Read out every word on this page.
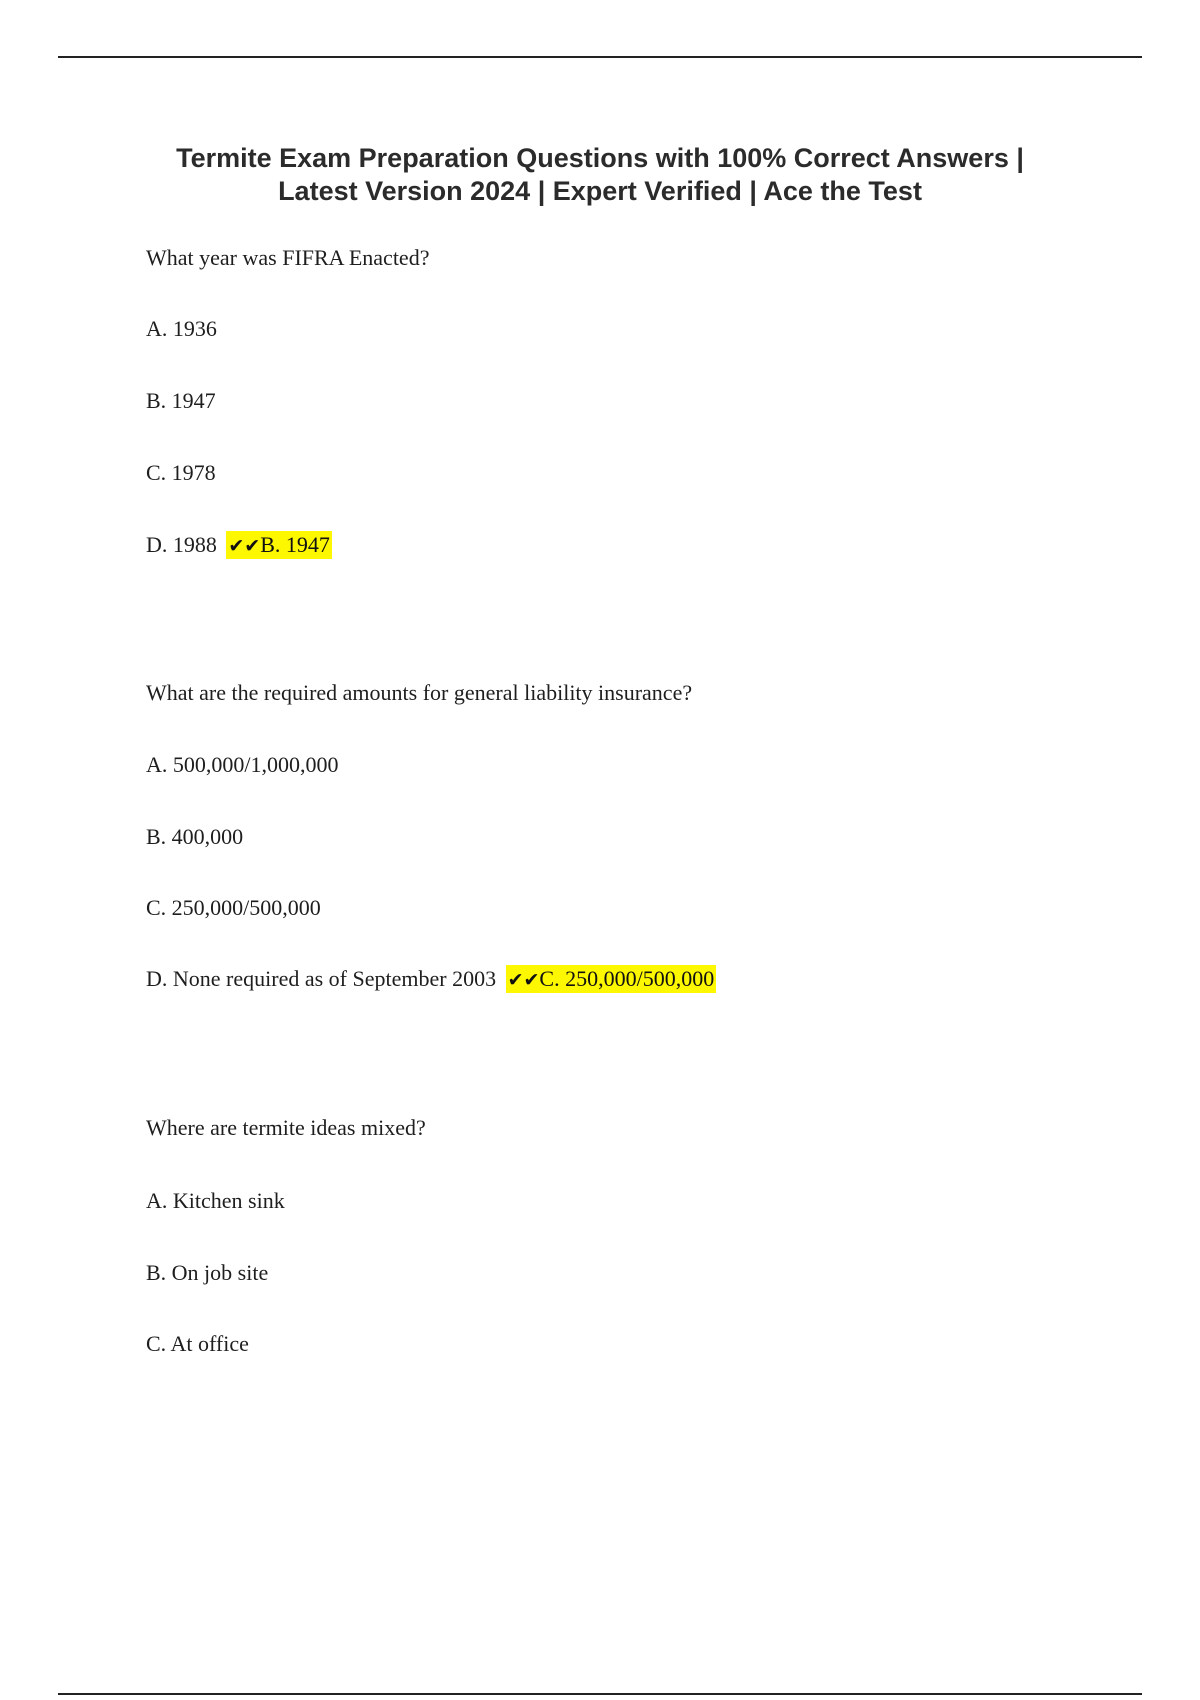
Termite Exam Preparation Questions with 100% Correct Answers |
Latest Version 2024 | Expert Verified | Ace the Test
What year was FIFRA Enacted?
A. 1936
B. 1947
C. 1978
D. 1988 ✔✔B. 1947
What are the required amounts for general liability insurance?
A. 500,000/1,000,000
B. 400,000
C. 250,000/500,000
D. None required as of September 2003 ✔✔C. 250,000/500,000
Where are termite ideas mixed?
A. Kitchen sink
B. On job site
C. At office
